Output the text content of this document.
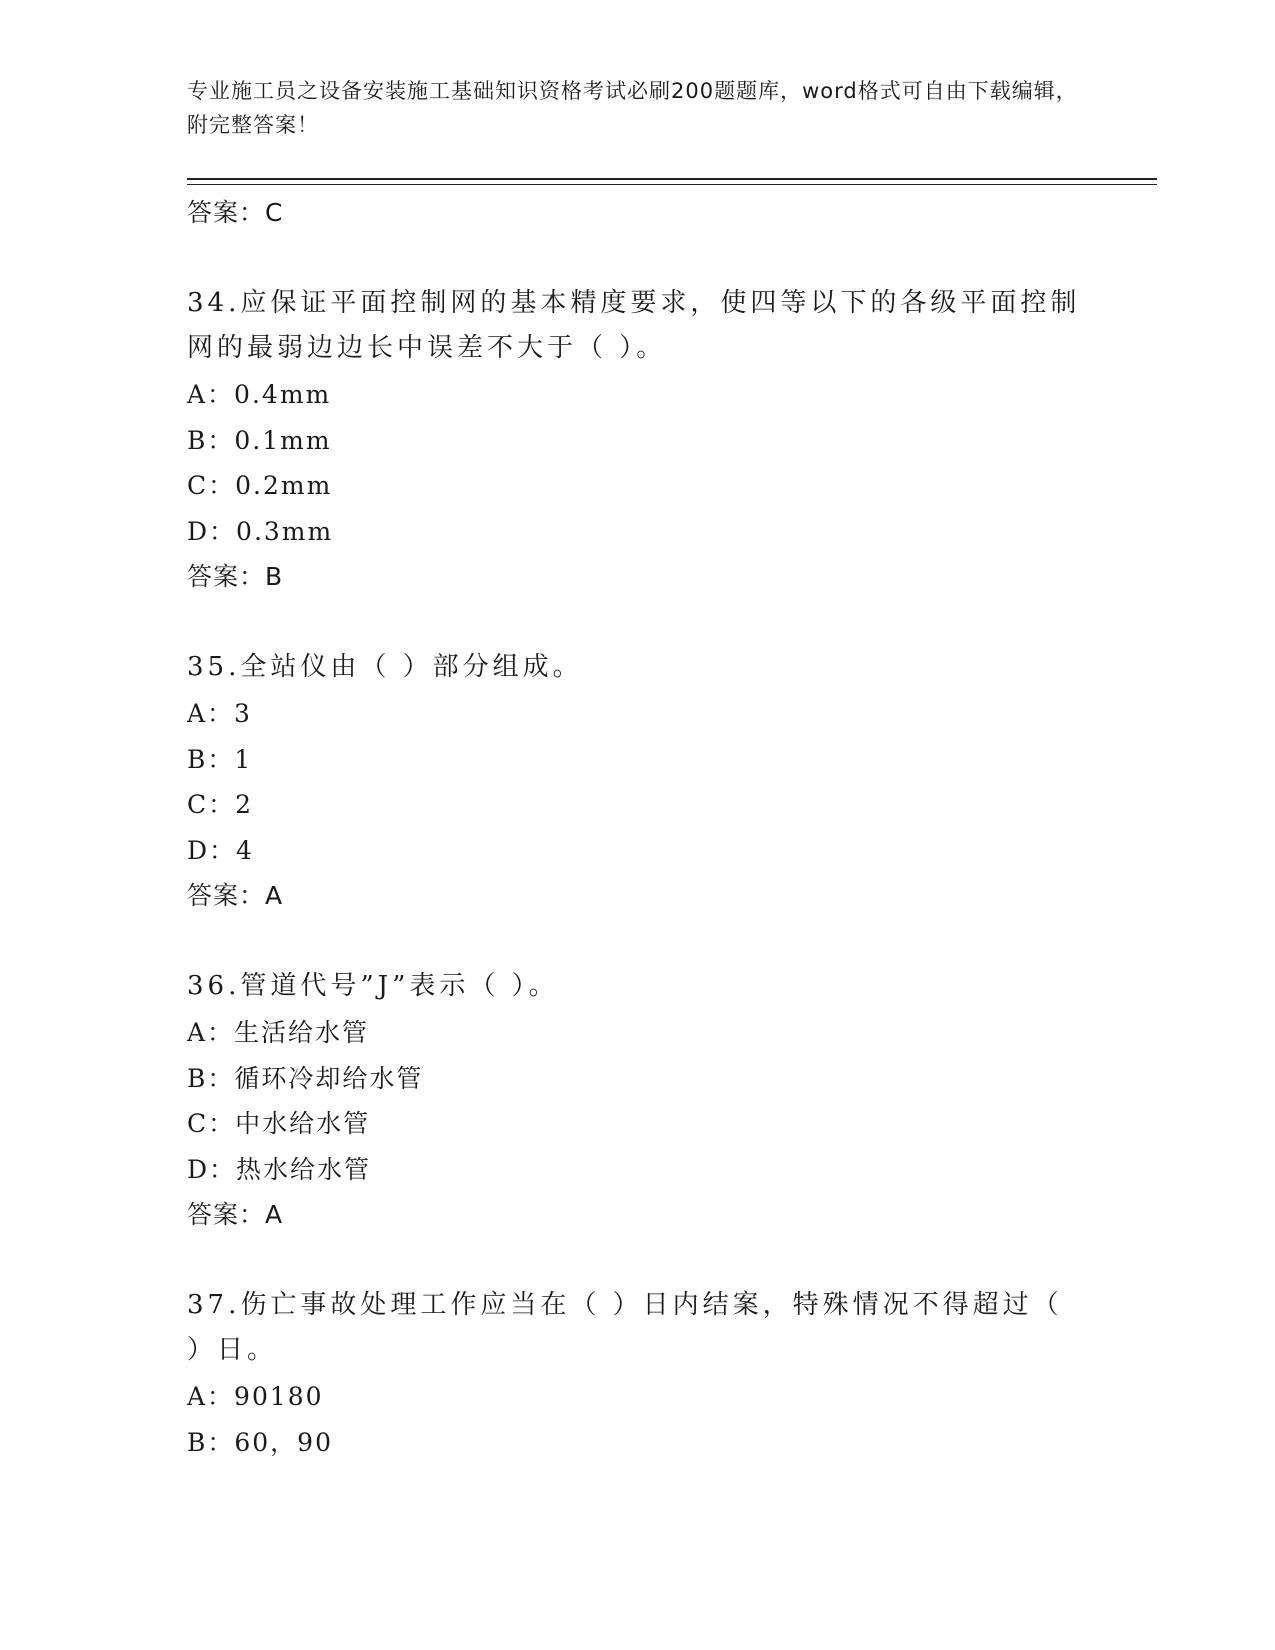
专业施工员之设备安装施工基础知识资格考试必刷200题题库，word格式可自由下载编辑，附完整答案！
答案：C
34.应保证平面控制网的基本精度要求，使四等以下的各级平面控制网的最弱边边长中误差不大于（ ）。
A：0.4mm
B：0.1mm
C：0.2mm
D：0.3mm
答案：B
35.全站仪由（ ）部分组成。
A：3
B：1
C：2
D：4
答案：A
36.管道代号”J”表示（ ）。
A：生活给水管
B：循环冷却给水管
C：中水给水管
D：热水给水管
答案：A
37.伤亡事故处理工作应当在（ ）日内结案，特殊情况不得超过（ ）日。
A：90180
B：60，90
